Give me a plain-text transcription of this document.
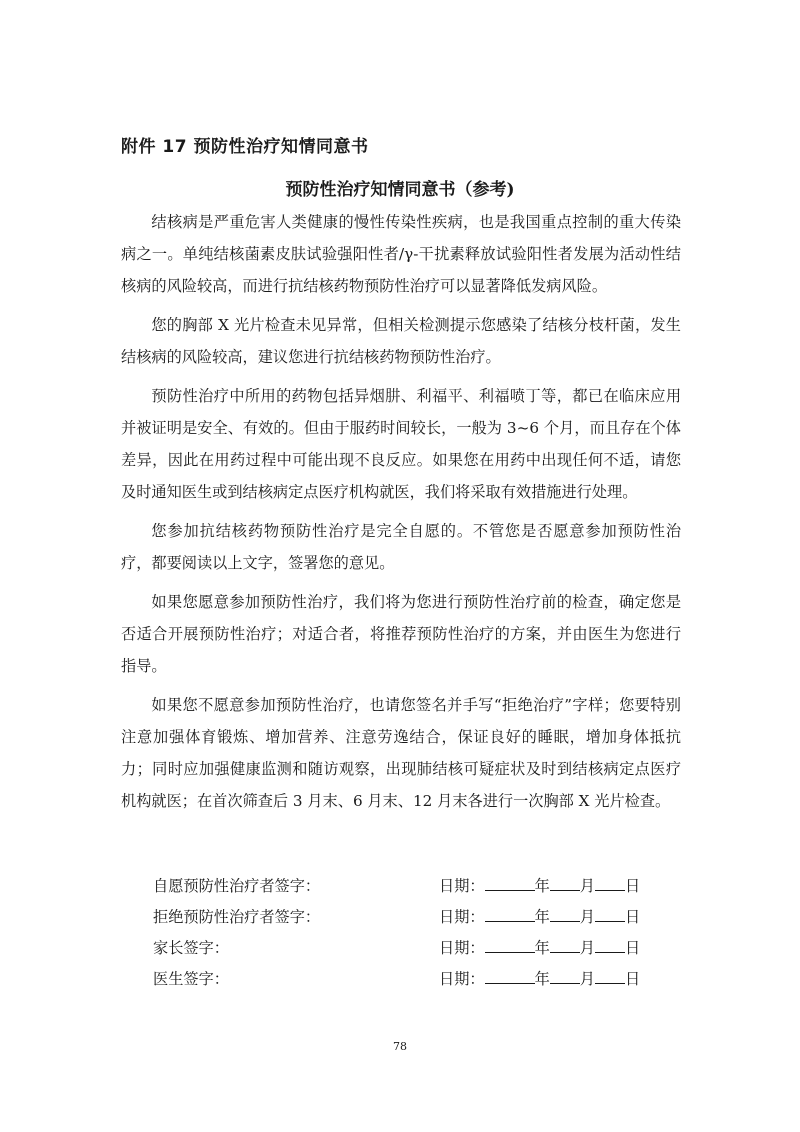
附件 17 预防性治疗知情同意书
预防性治疗知情同意书（参考)

结核病是严重危害人类健康的慢性传染性疾病，也是我国重点控制的重大传染病之一。单纯结核菌素皮肤试验强阳性者/γ-干扰素释放试验阳性者发展为活动性结核病的风险较高，而进行抗结核药物预防性治疗可以显著降低发病风险。

您的胸部 X 光片检查未见异常，但相关检测提示您感染了结核分枝杆菌，发生结核病的风险较高，建议您进行抗结核药物预防性治疗。

预防性治疗中所用的药物包括异烟肼、利福平、利福喷丁等，都已在临床应用并被证明是安全、有效的。但由于服药时间较长，一般为 3~6 个月，而且存在个体差异，因此在用药过程中可能出现不良反应。如果您在用药中出现任何不适，请您及时通知医生或到结核病定点医疗机构就医，我们将采取有效措施进行处理。

您参加抗结核药物预防性治疗是完全自愿的。不管您是否愿意参加预防性治疗，都要阅读以上文字，签署您的意见。

如果您愿意参加预防性治疗，我们将为您进行预防性治疗前的检查，确定您是否适合开展预防性治疗；对适合者，将推荐预防性治疗的方案，并由医生为您进行指导。

如果您不愿意参加预防性治疗，也请您签名并手写“拒绝治疗”字样；您要特别注意加强体育锻炼、增加营养、注意劳逸结合，保证良好的睡眠，增加身体抵抗力；同时应加强健康监测和随访观察，出现肺结核可疑症状及时到结核病定点医疗机构就医；在首次筛查后 3 月末、6 月末、12 月末各进行一次胸部 X 光片检查。

自愿预防性治疗者签字：	日期：	年 月 日
拒绝预防性治疗者签字：	日期：	年 月 日
家长签字：	日期：	年 月 日
医生签字：	日期：	年 月 日
78
